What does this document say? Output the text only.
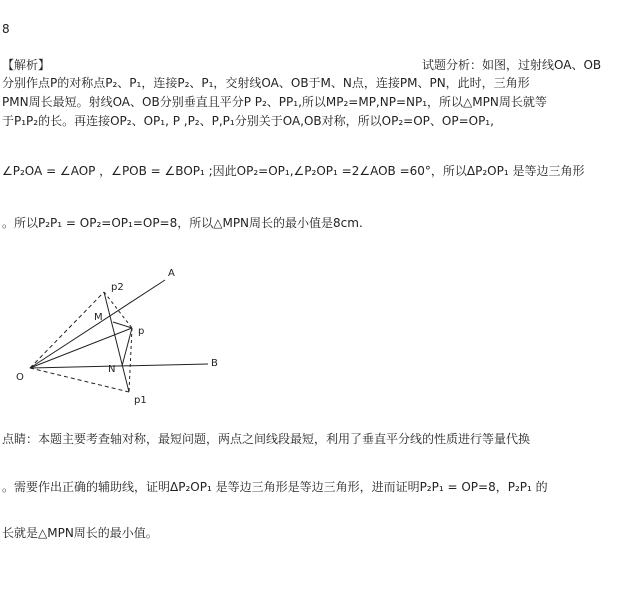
8
【解析】	试题分析：如图，过射线OA、OB
分别作点P的对称点P₂、P₁，连接P₂、P₁，交射线OA、OB于M、N点，连接PM、PN，此时，三角形
PMN周长最短。射线OA、OB分别垂直且平分P P₂、PP₁,所以MP₂=MP,NP=NP₁，所以△MPN周长就等
于P₁P₂的长。再连接OP₂、OP₁, P ,P₂、P,P₁分别关于OA,OB对称，所以OP₂=OP、OP=OP₁,
∠P₂OA = ∠AOP ，∠POB = ∠BOP₁ ;因此OP₂=OP₁,∠P₂OP₁ =2∠AOB =60°，所以ΔP₂OP₁ 是等边三角形
。所以P₂P₁ = OP₂=OP₁=OP=8，所以△MPN周长的最小值是8cm.
A
B
O
M
N
p
p1
p2
点睛：本题主要考查轴对称，最短问题，两点之间线段最短，利用了垂直平分线的性质进行等量代换
。需要作出正确的辅助线，证明ΔP₂OP₁ 是等边三角形是等边三角形，进而证明P₂P₁ = OP=8，P₂P₁ 的
长就是△MPN周长的最小值。
